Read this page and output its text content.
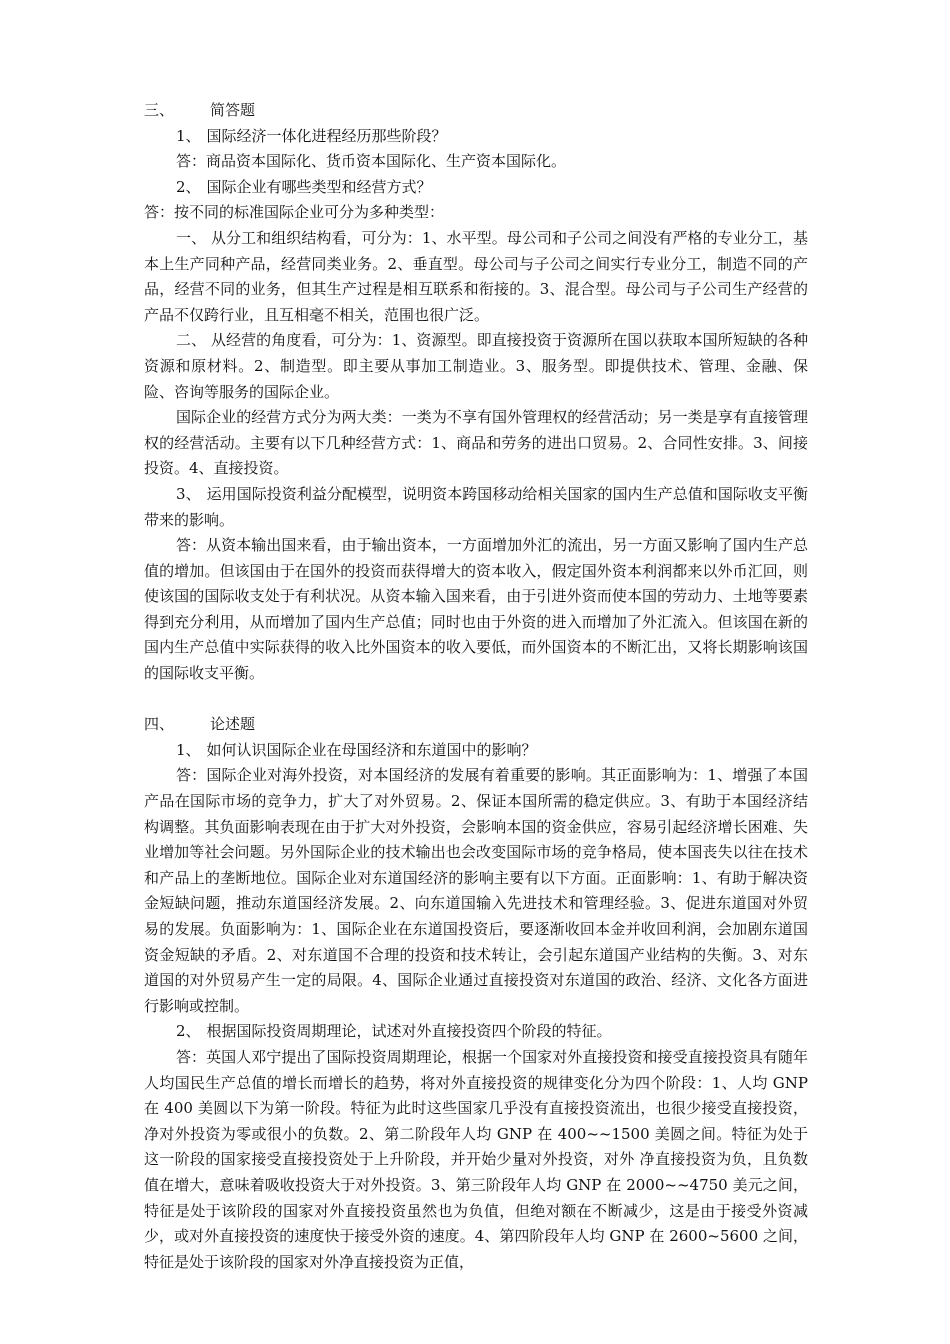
三、 简答题

1、 国际经济一体化进程经历那些阶段？

答：商品资本国际化、货币资本国际化、生产资本国际化。

2、 国际企业有哪些类型和经营方式？

答：按不同的标准国际企业可分为多种类型：

一、 从分工和组织结构看，可分为：1、水平型。母公司和子公司之间没有严格的专业分工，基本上生产同种产品，经营同类业务。2、垂直型。母公司与子公司之间实行专业分工，制造不同的产品，经营不同的业务，但其生产过程是相互联系和衔接的。3、混合型。母公司与子公司生产经营的产品不仅跨行业，且互相毫不相关，范围也很广泛。

二、 从经营的角度看，可分为：1、资源型。即直接投资于资源所在国以获取本国所短缺的各种资源和原材料。2、制造型。即主要从事加工制造业。3、服务型。即提供技术、管理、金融、保险、咨询等服务的国际企业。

国际企业的经营方式分为两大类：一类为不享有国外管理权的经营活动；另一类是享有直接管理权的经营活动。主要有以下几种经营方式：1、商品和劳务的进出口贸易。2、合同性安排。3、间接投资。4、直接投资。

3、 运用国际投资利益分配模型，说明资本跨国移动给相关国家的国内生产总值和国际收支平衡带来的影响。

答：从资本输出国来看，由于输出资本，一方面增加外汇的流出，另一方面又影响了国内生产总值的增加。但该国由于在国外的投资而获得增大的资本收入，假定国外资本利润都来以外币汇回，则使该国的国际收支处于有利状况。从资本输入国来看，由于引进外资而使本国的劳动力、土地等要素得到充分利用，从而增加了国内生产总值；同时也由于外资的进入而增加了外汇流入。但该国在新的国内生产总值中实际获得的收入比外国资本的收入要低，而外国资本的不断汇出，又将长期影响该国的国际收支平衡。

四、 论述题

1、 如何认识国际企业在母国经济和东道国中的影响？

答：国际企业对海外投资，对本国经济的发展有着重要的影响。其正面影响为：1、增强了本国产品在国际市场的竞争力，扩大了对外贸易。2、保证本国所需的稳定供应。3、有助于本国经济结构调整。其负面影响表现在由于扩大对外投资，会影响本国的资金供应，容易引起经济增长困难、失业增加等社会问题。另外国际企业的技术输出也会改变国际市场的竞争格局，使本国丧失以往在技术和产品上的垄断地位。国际企业对东道国经济的影响主要有以下方面。正面影响：1、有助于解决资金短缺问题，推动东道国经济发展。2、向东道国输入先进技术和管理经验。3、促进东道国对外贸易的发展。负面影响为：1、国际企业在东道国投资后，要逐渐收回本金并收回利润，会加剧东道国资金短缺的矛盾。2、对东道国不合理的投资和技术转让，会引起东道国产业结构的失衡。3、对东道国的对外贸易产生一定的局限。4、国际企业通过直接投资对东道国的政治、经济、文化各方面进行影响或控制。

2、 根据国际投资周期理论，试述对外直接投资四个阶段的特征。

答：英国人邓宁提出了国际投资周期理论，根据一个国家对外直接投资和接受直接投资具有随年人均国民生产总值的增长而增长的趋势，将对外直接投资的规律变化分为四个阶段：1、人均 GNP 在 400 美圆以下为第一阶段。特征为此时这些国家几乎没有直接投资流出，也很少接受直接投资，净对外投资为零或很小的负数。2、第二阶段年人均 GNP 在 400~~1500 美圆之间。特征为处于这一阶段的国家接受直接投资处于上升阶段，并开始少量对外投资，对外 净直接投资为负，且负数值在增大，意味着吸收投资大于对外投资。3、第三阶段年人均 GNP 在 2000~~4750 美元之间，特征是处于该阶段的国家对外直接投资虽然也为负值，但绝对额在不断减少，这是由于接受外资减少，或对外直接投资的速度快于接受外资的速度。4、第四阶段年人均 GNP 在 2600~5600 之间，特征是处于该阶段的国家对外净直接投资为正值，
